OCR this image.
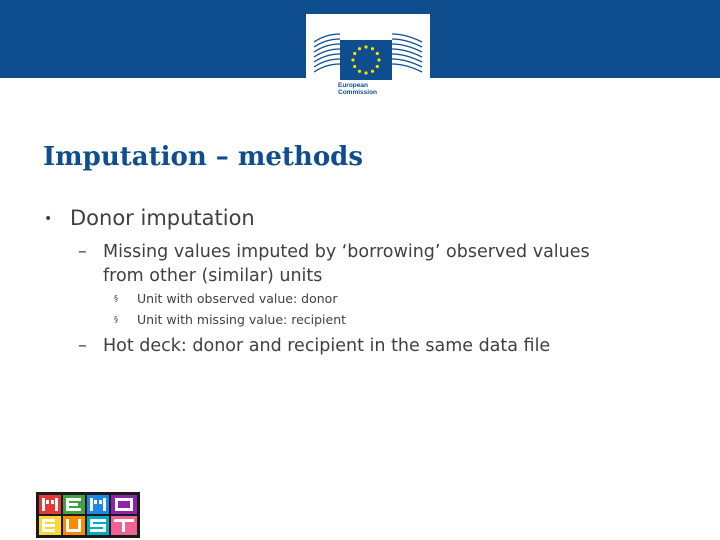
European
Commission
Imputation – methods
• Donor imputation
– Missing values imputed by ‘borrowing’ observed values
from other (similar) units
§ Unit with observed value: donor
§ Unit with missing value: recipient
– Hot deck: donor and recipient in the same data file
